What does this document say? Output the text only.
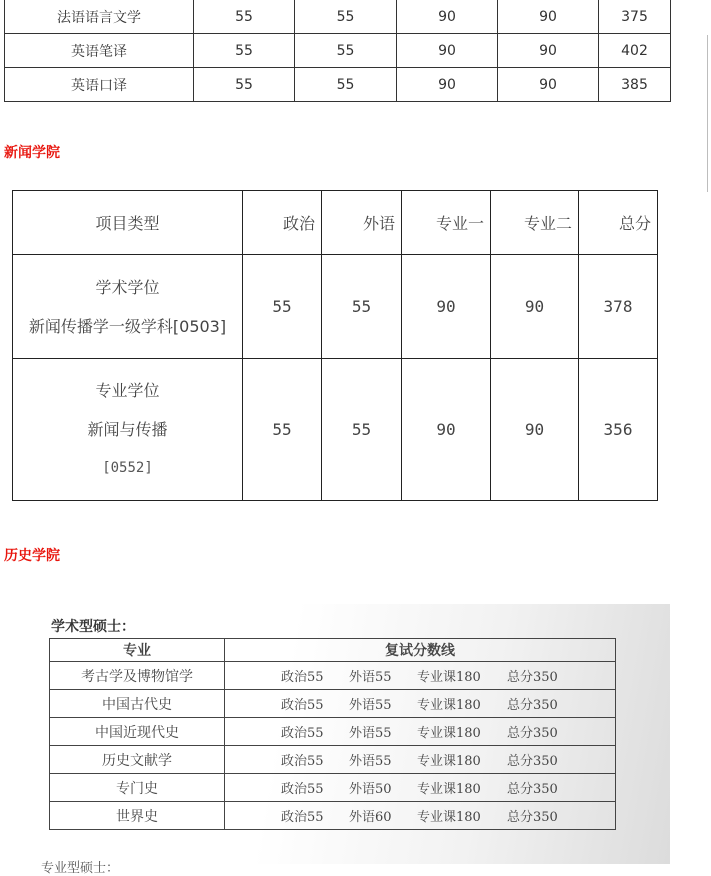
法语语言文学	55	55	90	90	375
英语笔译	55	55	90	90	402
英语口译	55	55	90	90	385
新闻学院
项目类型	政治	外语	专业一	专业二	总分

学术学位
新闻传播学一级学科[0503]	55	55	90	90	378

专业学位
新闻与传播
[0552]	55	55	90	90	356
历史学院
学术型硕士：
专业	复试分数线
考古学及博物馆学	政治55 外语55 专业课180 总分350
中国古代史	政治55 外语55 专业课180 总分350
中国近现代史	政治55 外语55 专业课180 总分350
历史文献学	政治55 外语55 专业课180 总分350
专门史	政治55 外语50 专业课180 总分350
世界史	政治55 外语60 专业课180 总分350
专业型硕士：
